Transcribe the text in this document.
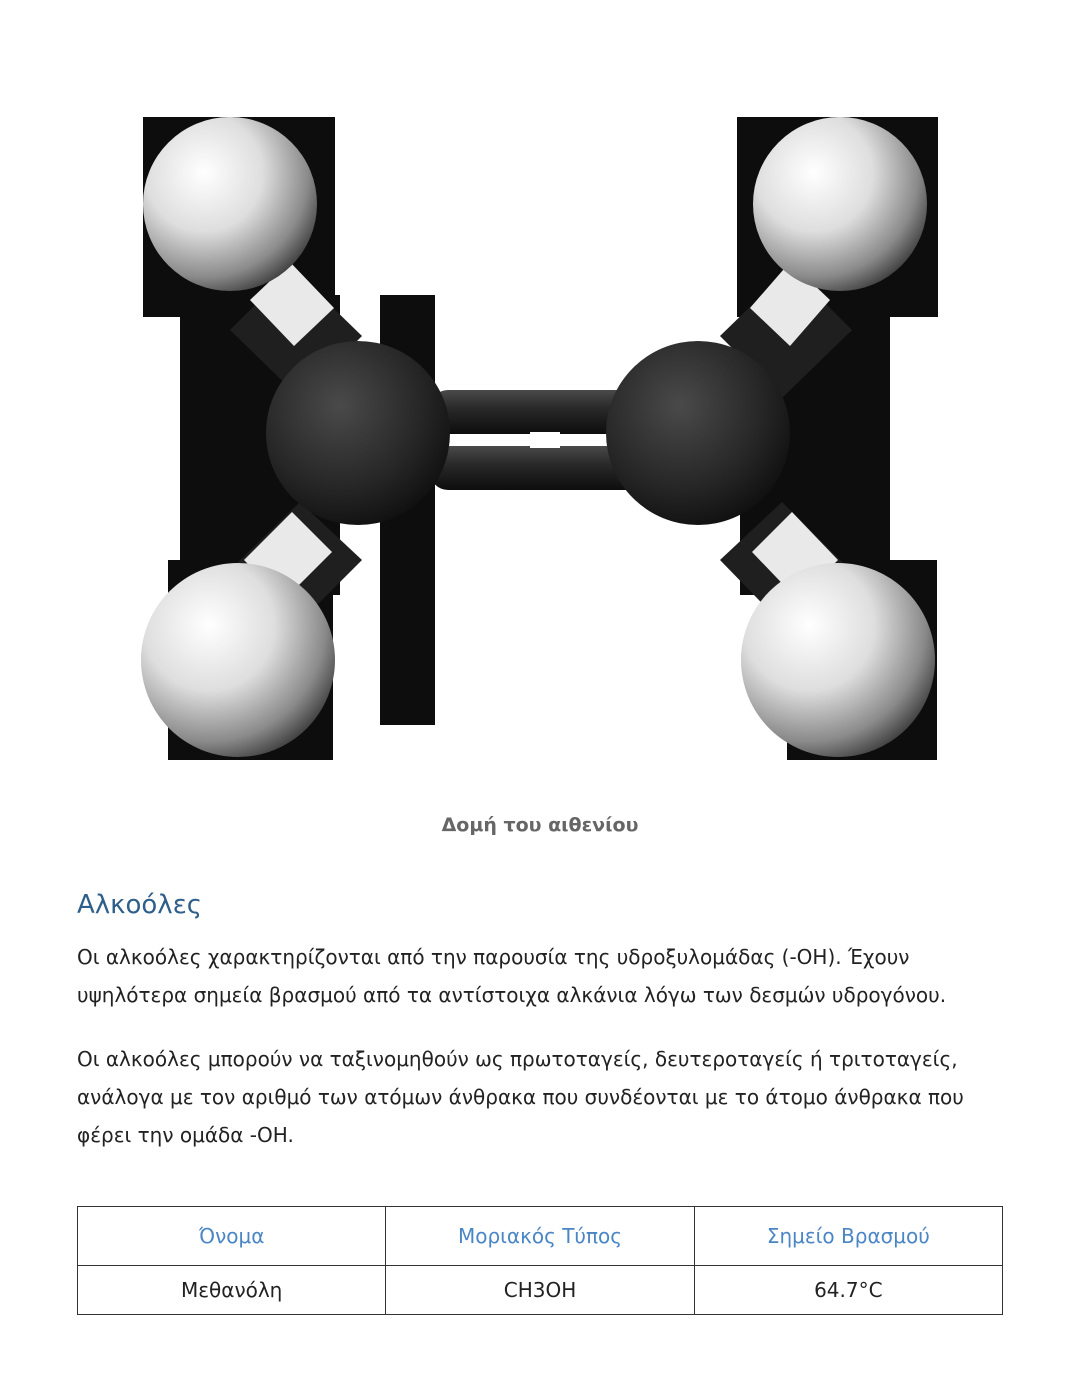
Δομή του αιθενίου
Αλκοόλες

Οι αλκοόλες χαρακτηρίζονται από την παρουσία της υδροξυλομάδας (-OH). Έχουν υψηλότερα σημεία βρασμού από τα αντίστοιχα αλκάνια λόγω των δεσμών υδρογόνου.

Οι αλκοόλες μπορούν να ταξινομηθούν ως πρωτοταγείς, δευτεροταγείς ή τριτοταγείς, ανάλογα με τον αριθμό των ατόμων άνθρακα που συνδέονται με το άτομο άνθρακα που φέρει την ομάδα -OH.

Όνομα	Μοριακός Τύπος	Σημείο Βρασμού
Μεθανόλη	CH3OH	64.7°C
